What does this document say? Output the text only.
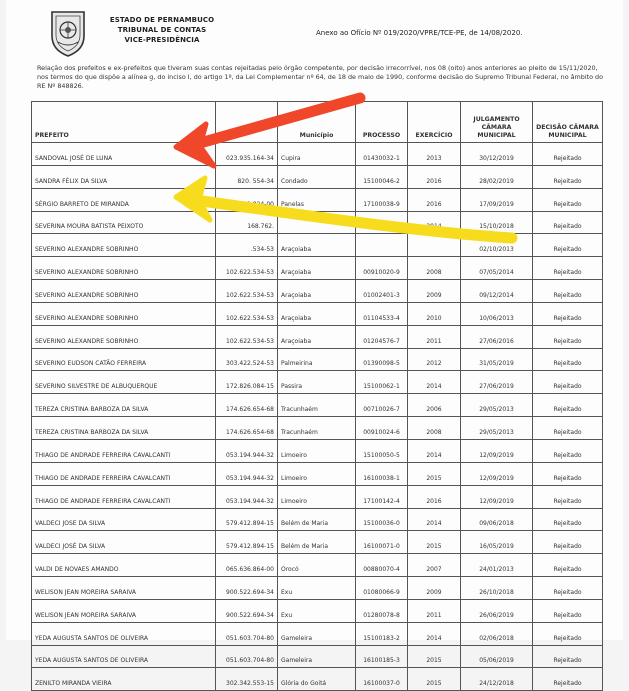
ESTADO DE PERNAMBUCO
TRIBUNAL DE CONTAS
VICE-PRESIDÊNCIA
Anexo ao Ofício Nº 019/2020/VPRE/TCE-PE, de 14/08/2020.
Relação dos prefeitos e ex-prefeitos que tiveram suas contas rejeitadas pelo órgão competente, por decisão irrecorrível, nos 08 (oito) anos anteriores ao pleito de 15/11/2020, nos termos do que dispõe a alínea g, do inciso I, do artigo 1º, da Lei Complementar nº 64, de 18 de maio de 1990, conforme decisão do Supremo Tribunal Federal, no âmbito do RE Nº 848826.
PREFEITO		Município	PROCESSO	EXERCÍCIO	JULGAMENTO CÂMARA MUNICIPAL	DECISÃO CÂMARA MUNICIPAL
SANDOVAL JOSÉ DE LUNA	023.935.164-34	Cupira	01430032-1	2013	30/12/2019	Rejeitado
SANDRA FÉLIX DA SILVA	820. 554-34	Condado	15100046-2	2016	28/02/2019	Rejeitado
SÉRGIO BARRETO DE MIRANDA	101.051.824-00	Panelas	17100038-9	2016	17/09/2019	Rejeitado
SEVERINA MOURA BATISTA PEIXOTO	168.762.		15100040-2	2014	15/10/2018	Rejeitado
SEVERINO ALEXANDRE SOBRINHO	.534-53	Araçoiaba			02/10/2013	Rejeitado
SEVERINO ALEXANDRE SOBRINHO	102.622.534-53	Araçoiaba	00910020-9	2008	07/05/2014	Rejeitado
SEVERINO ALEXANDRE SOBRINHO	102.622.534-53	Araçoiaba	01002401-3	2009	09/12/2014	Rejeitado
SEVERINO ALEXANDRE SOBRINHO	102.622.534-53	Araçoiaba	01104533-4	2010	10/06/2013	Rejeitado
SEVERINO ALEXANDRE SOBRINHO	102.622.534-53	Araçoiaba	01204576-7	2011	27/06/2016	Rejeitado
SEVERINO EUDSON CATÃO FERREIRA	303.422.524-53	Palmeirina	01390098-5	2012	31/05/2019	Rejeitado
SEVERINO SILVESTRE DE ALBUQUERQUE	172.826.084-15	Passira	15100062-1	2014	27/06/2019	Rejeitado
TEREZA CRISTINA BARBOZA DA SILVA	174.626.654-68	Tracunhaém	00710026-7	2006	29/05/2013	Rejeitado
TEREZA CRISTINA BARBOZA DA SILVA	174.626.654-68	Tracunhaém	00910024-6	2008	29/05/2013	Rejeitado
THIAGO DE ANDRADE FERREIRA CAVALCANTI	053.194.944-32	Limoeiro	15100050-5	2014	12/09/2019	Rejeitado
THIAGO DE ANDRADE FERREIRA CAVALCANTI	053.194.944-32	Limoeiro	16100038-1	2015	12/09/2019	Rejeitado
THIAGO DE ANDRADE FERREIRA CAVALCANTI	053.194.944-32	Limoeiro	17100142-4	2016	12/09/2019	Rejeitado
VALDECI JOSE DA SILVA	579.412.894-15	Belém de Maria	15100036-0	2014	09/06/2018	Rejeitado
VALDECI JOSÉ DA SILVA	579.412.894-15	Belém de Maria	16100071-0	2015	16/05/2019	Rejeitado
VALDI DE NOVAES AMANDO	065.636.864-00	Orocó	00880070-4	2007	24/01/2013	Rejeitado
WELISON JEAN MOREIRA SARAIVA	900.522.694-34	Exu	01080066-9	2009	26/10/2018	Rejeitado
WELISON JEAN MOREIRA SARAIVA	900.522.694-34	Exu	01280078-8	2011	26/06/2019	Rejeitado
YEDA AUGUSTA SANTOS DE OLIVEIRA	051.603.704-80	Gameleira	15100183-2	2014	02/06/2018	Rejeitado
YEDA AUGUSTA SANTOS DE OLIVEIRA	051.603.704-80	Gameleira	16100185-3	2015	05/06/2019	Rejeitado
ZENILTO MIRANDA VIEIRA	302.342.553-15	Glória do Goitá	16100037-0	2015	24/12/2018	Rejeitado
